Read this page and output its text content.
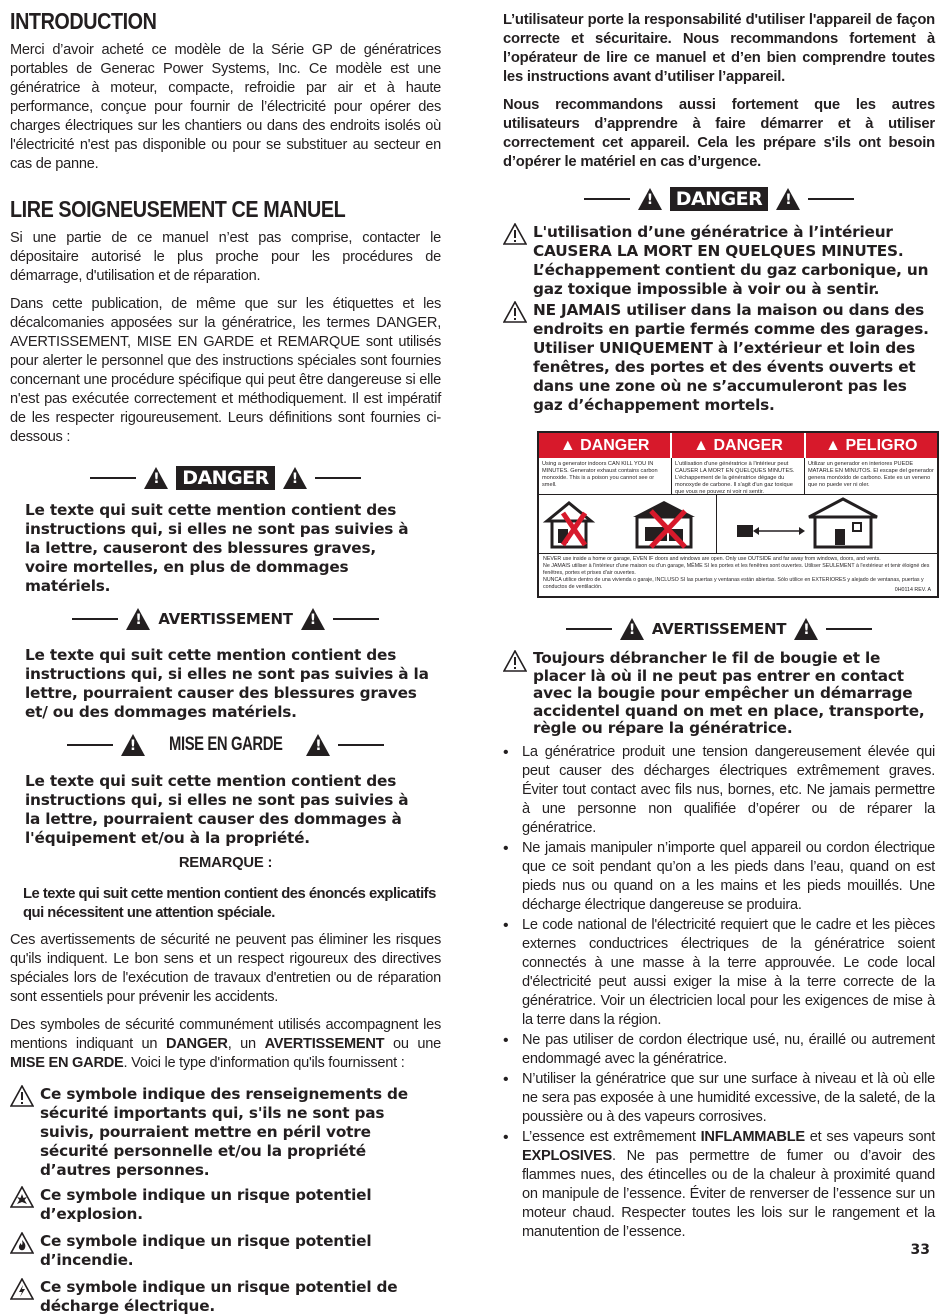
INTRODUCTION

Merci d’avoir acheté ce modèle de la Série GP de génératrices portables de Generac Power Systems, Inc. Ce modèle est une génératrice à moteur, compacte, refroidie par air et à haute performance, conçue pour fournir de l’électricité pour opérer des charges électriques sur les chantiers ou dans des endroits isolés où l'électricité n'est pas disponible ou pour se substituer au secteur en cas de panne.

LIRE SOIGNEUSEMENT CE MANUEL

Si une partie de ce manuel n’est pas comprise, contacter le dépositaire autorisé le plus proche pour les procédures de démarrage, d'utilisation et de réparation.

Dans cette publication, de même que sur les étiquettes et les décalcomanies apposées sur la génératrice, les termes DANGER, AVERTISSEMENT, MISE EN GARDE et REMARQUE sont utilisés pour alerter le personnel que des instructions spéciales sont fournies concernant une procédure spécifique qui peut être dangereuse si elle n'est pas exécutée correctement et méthodiquement. Il est impératif de les respecter rigoureusement. Leurs définitions sont fournies ci-dessous :

!
DANGER
!

Le texte qui suit cette mention contient des instructions qui, si elles ne sont pas suivies à la lettre, causeront des blessures graves, voire mortelles, en plus de dommages matériels.

!
AVERTISSEMENT
!

Le texte qui suit cette mention contient des instructions qui, si elles ne sont pas suivies à la lettre, pourraient causer des blessures graves et/ ou des dommages matériels.

!
MISE EN GARDE
!

Le texte qui suit cette mention contient des instructions qui, si elles ne sont pas suivies à la lettre, pourraient causer des dommages à l'équipement et/ou à la propriété.

REMARQUE :

Le texte qui suit cette mention contient des énoncés explicatifs qui nécessitent une attention spéciale.

Ces avertissements de sécurité ne peuvent pas éliminer les risques qu'ils indiquent. Le bon sens et un respect rigoureux des directives spéciales lors de l'exécution de travaux d'entretien ou de réparation sont essentiels pour prévenir les accidents.

Des symboles de sécurité communément utilisés accompagnent les mentions indiquant un DANGER, un AVERTISSEMENT ou une MISE EN GARDE. Voici le type d'information qu'ils fournissent :

Ce symbole indique des renseignements de sécurité importants qui, s'ils ne sont pas suivis, pourraient mettre en péril votre sécurité personnelle et/ou la propriété d’autres personnes.

Ce symbole indique un risque potentiel d’explosion.

Ce symbole indique un risque potentiel d’incendie.

Ce symbole indique un risque potentiel de décharge électrique.

L’utilisateur porte la responsabilité d'utiliser l'appareil de façon correcte et sécuritaire. Nous recommandons fortement à l’opérateur de lire ce manuel et d’en bien comprendre toutes les instructions avant d’utiliser l’appareil.

Nous recommandons aussi fortement que les autres utilisateurs d’apprendre à faire démarrer et à utiliser correctement cet appareil. Cela les prépare s'ils ont besoin d’opérer le matériel en cas d’urgence.

!
DANGER
!

L'utilisation d’une génératrice à l’intérieur CAUSERA LA MORT EN QUELQUES MINUTES. L’échappement contient du gaz carbonique, un gaz toxique impossible à voir ou à sentir.

NE JAMAIS utiliser dans la maison ou dans des endroits en partie fermés comme des garages. Utiliser UNIQUEMENT à l’extérieur et loin des fenêtres, des portes et des évents ouverts et dans une zone où ne s’accumuleront pas les gaz d’échappement mortels.

▲ DANGER	▲ DANGER	▲ PELIGRO
Using a generator indoors CAN KILL YOU IN MINUTES. Generator exhaust contains carbon monoxide. This is a poison you cannot see or smell.
L'utilisation d'une génératrice à l'intérieur peut CAUSER LA MORT EN QUELQUES MINUTES. L'échappement de la génératrice dégage du monoxyde de carbone. Il s'agit d'un gaz toxique que vous ne pouvez ni voir ni sentir.
Utilizar un generador en interiores PUEDE MATARLE EN MINUTOS. El escape del generador genera monóxido de carbono. Este es un veneno que no puede ver ni oler.
NEVER use inside a home or garage, EVEN IF doors and windows are open. Only use OUTSIDE and far away from windows, doors, and vents.
Ne JAMAIS utiliser à l'intérieur d'une maison ou d'un garage, MÊME SI les portes et les fenêtres sont ouvertes. Utiliser SEULEMENT à l'extérieur et tenir éloigné des fenêtres, portes et prises d'air ouvertes.
NUNCA utilice dentro de una vivienda o garaje, INCLUSO SI las puertas y ventanas están abiertas. Sólo utilice en EXTERIORES y alejado de ventanas, puertas y conductos de ventilación.	0H0114 REV. A
!
AVERTISSEMENT
!

Toujours débrancher le fil de bougie et le placer là où il ne peut pas entrer en contact avec la bougie pour empêcher un démarrage accidentel quand on met en place, transporte, règle ou répare la génératrice.

• La génératrice produit une tension dangereusement élevée qui peut causer des décharges électriques extrêmement graves. Éviter tout contact avec fils nus, bornes, etc. Ne jamais permettre à une personne non qualifiée d’opérer ou de réparer la génératrice.
• Ne jamais manipuler n’importe quel appareil ou cordon électrique que ce soit pendant qu’on a les pieds dans l’eau, quand on est pieds nus ou quand on a les mains et les pieds mouillés. Une décharge électrique dangereuse se produira.
• Le code national de l'électricité requiert que le cadre et les pièces externes conductrices électriques de la génératrice soient connectés à une masse à la terre approuvée. Le code local d'électricité peut aussi exiger la mise à la terre correcte de la génératrice. Voir un électricien local pour les exigences de mise à la terre dans la région.
• Ne pas utiliser de cordon électrique usé, nu, éraillé ou autrement endommagé avec la génératrice.
• N’utiliser la génératrice que sur une surface à niveau et là où elle ne sera pas exposée à une humidité excessive, de la saleté, de la poussière ou à des vapeurs corrosives.
• L’essence est extrêmement INFLAMMABLE et ses vapeurs sont EXPLOSIVES. Ne pas permettre de fumer ou d’avoir des flammes nues, des étincelles ou de la chaleur à proximité quand on manipule de l’essence. Éviter de renverser de l’essence sur un moteur chaud. Respecter toutes les lois sur le rangement et la manutention de l’essence.
33
